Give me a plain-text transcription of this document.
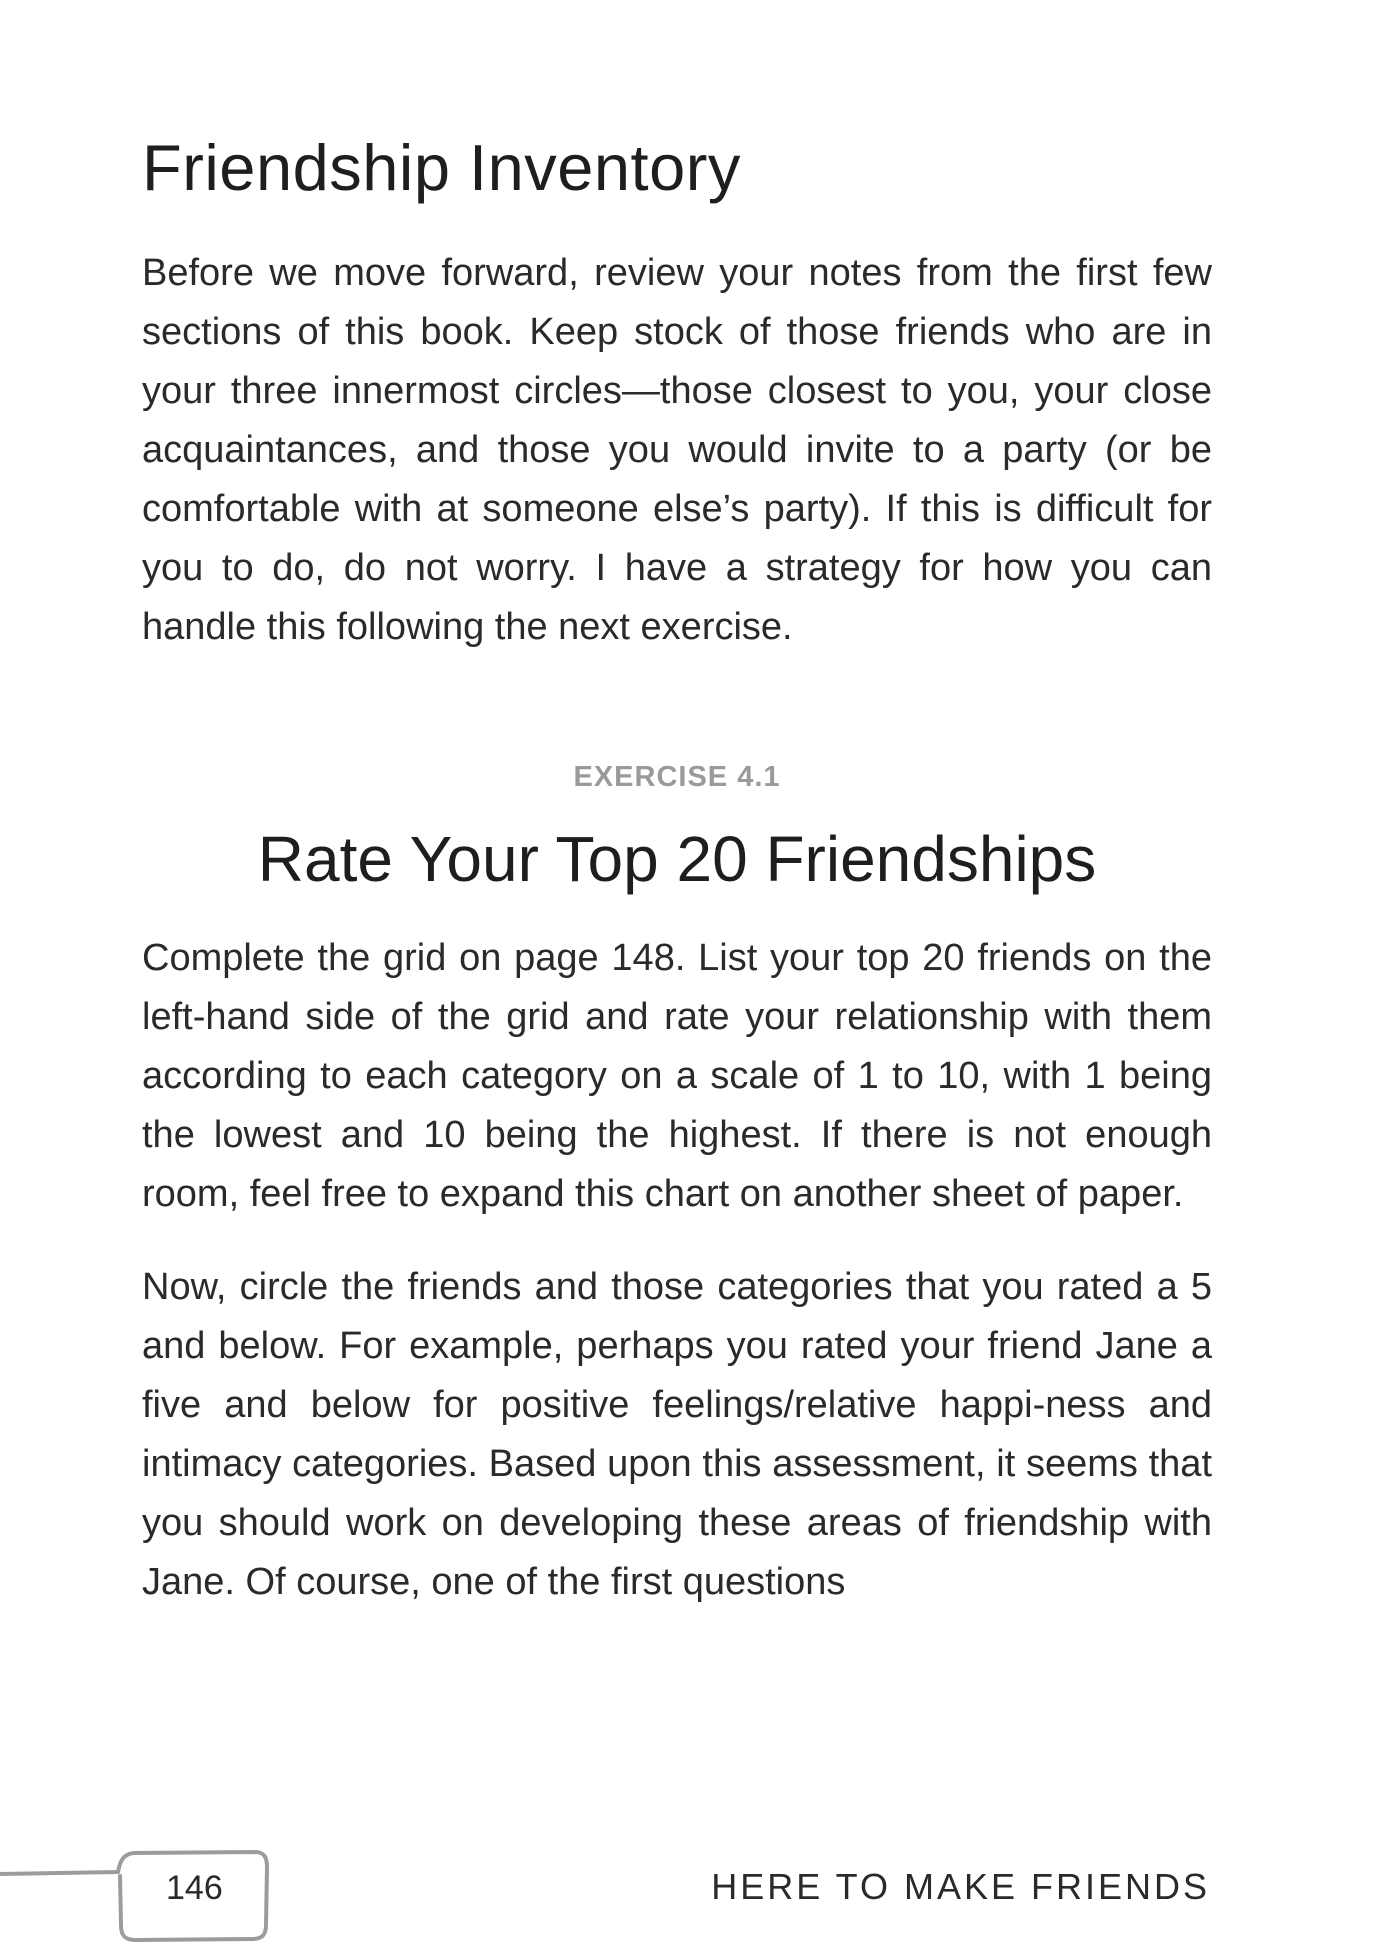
Friendship Inventory

Before we move forward, review your notes from the first few sections of this book. Keep stock of those friends who are in your three innermost circles—those closest to you, your close acquaintances, and those you would invite to a party (or be comfortable with at someone else’s party). If this is difficult for you to do, do not worry. I have a strategy for how you can handle this following the next exercise.

EXERCISE 4.1
Rate Your Top 20 Friendships

Complete the grid on page 148. List your top 20 friends on the left-hand side of the grid and rate your relationship with them according to each category on a scale of 1 to 10, with 1 being the lowest and 10 being the highest. If there is not enough room, feel free to expand this chart on another sheet of paper.

Now, circle the friends and those categories that you rated a 5 and below. For example, perhaps you rated your friend Jane a five and below for positive feelings/relative happi-ness and intimacy categories. Based upon this assessment, it seems that you should work on developing these areas of friendship with Jane. Of course, one of the first questions

146	HERE TO MAKE FRIENDS
